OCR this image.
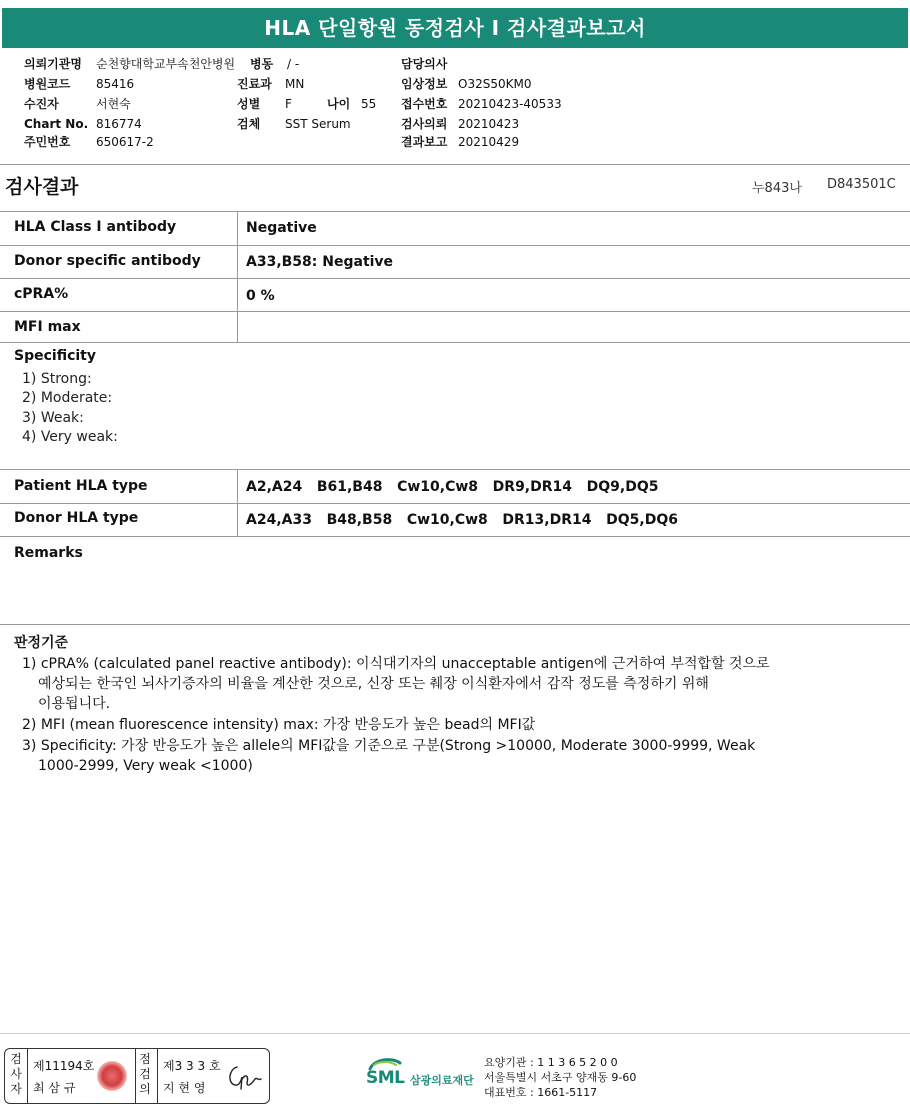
HLA 단일항원 동정검사 I 검사결과보고서
의뢰기관명 순천향대학교부속천안병원 병동 / -	담당의사
병원코드 85416	진료과 MN	임상정보 O32S50KM0
수진자	서현숙	성별 F	나이 55 접수번호 20210423-40533
Chart No. 816774	검체 SST Serum	검사의뢰 20210423
주민번호 650617-2	결과보고 20210429
검사결과	누843나 D843501C
HLA Class I antibody	Negative
Donor specific antibody	A33,B58: Negative
cPRA%	0 %
MFI max
Specificity
1) Strong:
2) Moderate:
3) Weak:
4) Very weak:
Patient HLA type	A2,A24   B61,B48   Cw10,Cw8   DR9,DR14   DQ9,DQ5
Donor HLA type	A24,A33   B48,B58   Cw10,Cw8   DR13,DR14   DQ5,DQ6
Remarks
판정기준
1) cPRA% (calculated panel reactive antibody): 이식대기자의 unacceptable antigen에 근거하여 부적합할 것으로
예상되는 한국인 뇌사기증자의 비율을 계산한 것으로, 신장 또는 췌장 이식환자에서 감작 정도를 측정하기 위해
이용됩니다.
2) MFI (mean fluorescence intensity) max: 가장 반응도가 높은 bead의 MFI값
3) Specificity: 가장 반응도가 높은 allele의 MFI값을 기준으로 구분(Strong >10000, Moderate 3000-9999, Weak
1000-2999, Very weak <1000)
검사자
제11194호
최 삼 규
점검의
제3 3 3 호
지 현 영	SML 삼광의료재단
요양기관 : 1 1 3 6 5 2 0 0
서울특별시 서초구 양재동 9-60
대표번호 : 1661-5117
